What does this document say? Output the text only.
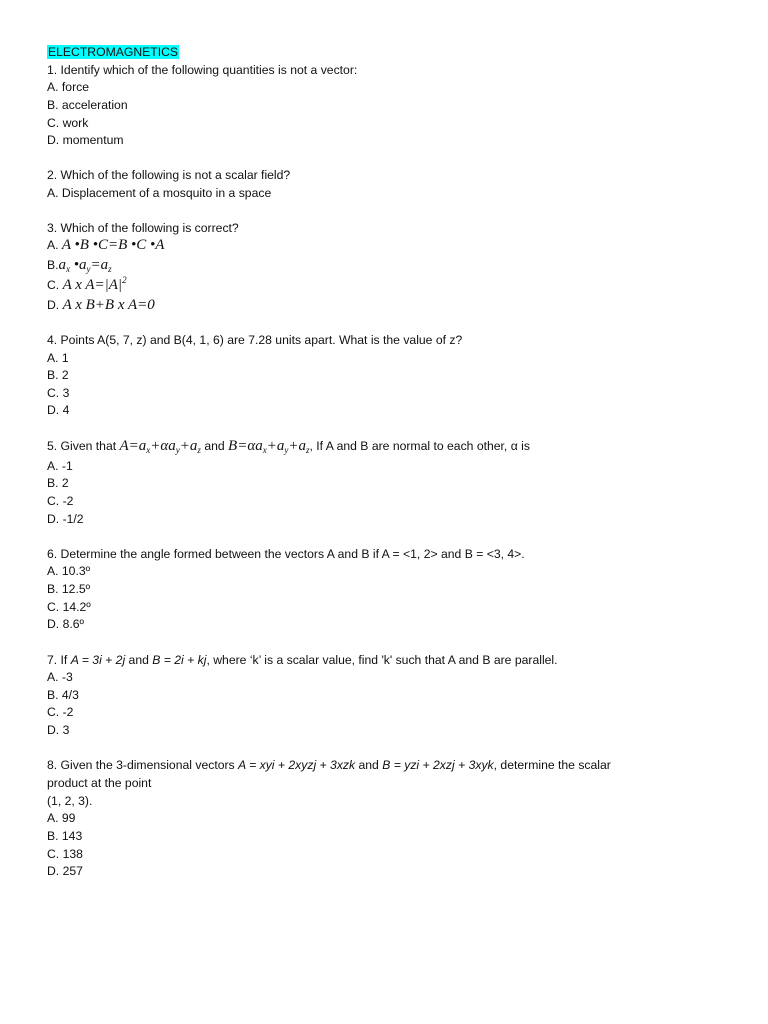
ELECTROMAGNETICS
1. Identify which of the following quantities is not a vector:
A. force
B. acceleration
C. work
D. momentum
2. Which of the following is not a scalar field?
A. Displacement of a mosquito in a space
3. Which of the following is correct?
A. A •B •C=B •C •A
$B.a_x$ $•a_y=a_z$
C. A x $A=|A|^2$
D. A x B+B x A=0
4. Points A(5, 7, z) and B(4, 1, 6) are 7.28 units apart. What is the value of z?
A. 1
B. 2
C. 3
D. 4
5. Given that $A=a_x+\alpha a_y+a_z$ and $B=\alpha a_x+a_y+a_z$, If A and B are normal to each other, α is
A. -1
B. 2
C. -2
D. -1/2
6. Determine the angle formed between the vectors A and B if A = <1, 2> and B = <3, 4>.
A. 10.3º
B. 12.5º
C. 14.2º
D. 8.6º
7. If A = 3i + 2j and B = 2i + kj, where ‘k’ is a scalar value, find 'k' such that A and B are parallel.
A. -3
B. 4/3
C. -2
D. 3
8. Given the 3-dimensional vectors A = xyi + 2xyzj + 3xzk and B = yzi + 2xzj + 3xyk, determine the scalar
product at the point
(1, 2, 3).
A. 99
B. 143
C. 138
D. 257
